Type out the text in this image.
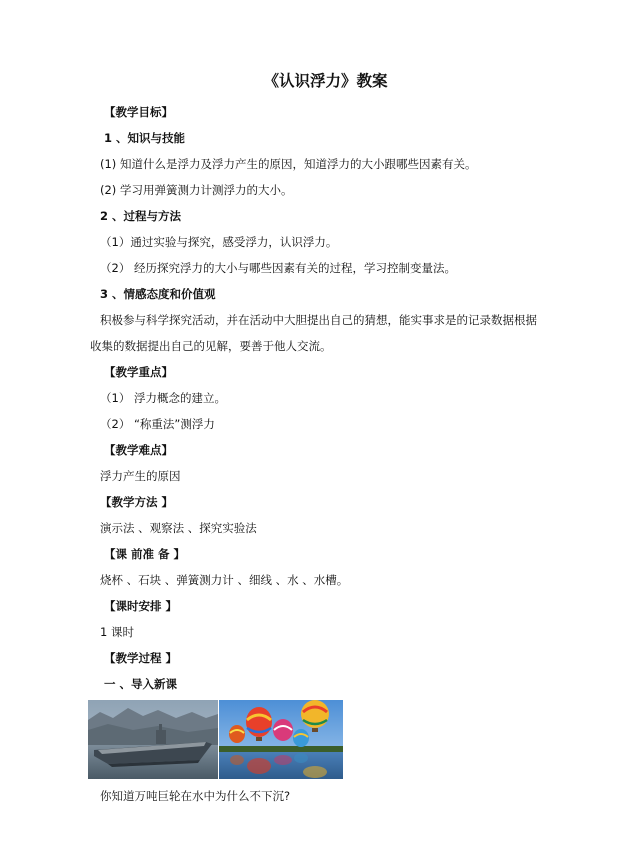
《认识浮力》教案
【教学目标】
1 、知识与技能
(1) 知道什么是浮力及浮力产生的原因，知道浮力的大小跟哪些因素有关。
(2) 学习用弹簧测力计测浮力的大小。
2 、过程与方法
（1）通过实验与探究，感受浮力，认识浮力。
（2） 经历探究浮力的大小与哪些因素有关的过程，学习控制变量法。
3 、情感态度和价值观
积极参与科学探究活动，并在活动中大胆提出自己的猜想，能实事求是的记录数据根据
收集的数据提出自己的见解，要善于他人交流。
【教学重点】
（1） 浮力概念的建立。
（2） “称重法”测浮力
【教学难点】
浮力产生的原因
【教学方法 】
演示法 、观察法 、探究实验法
【课 前准 备 】
烧杯 、石块 、弹簧测力计 、细线 、水 、水槽。
【课时安排 】
1 课时
【教学过程 】
一 、导入新课
你知道万吨巨轮在水中为什么不下沉?
